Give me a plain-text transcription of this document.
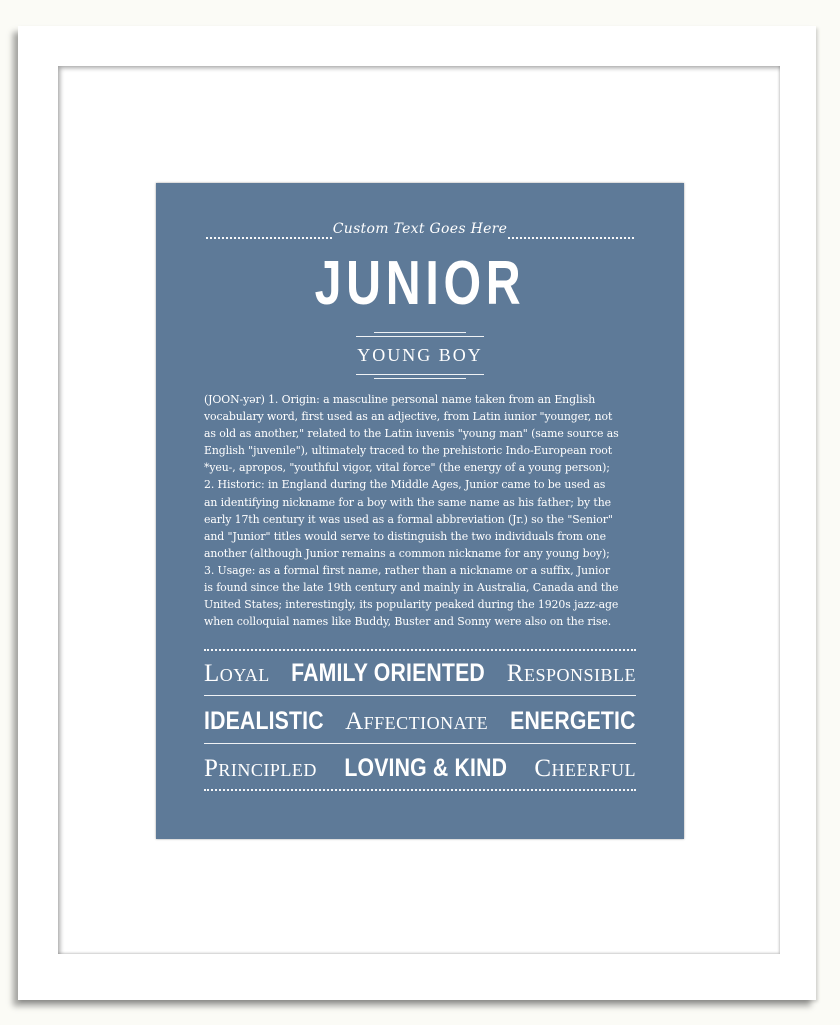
Custom Text Goes Here
JUNIOR
YOUNG BOY
(JOON-yər) 1. Origin: a masculine personal name taken from an English
vocabulary word, first used as an adjective, from Latin iunior "younger, not
as old as another," related to the Latin iuvenis "young man" (same source as
English "juvenile"), ultimately traced to the prehistoric Indo-European root
*yeu-, apropos, "youthful vigor, vital force" (the energy of a young person);
2. Historic: in England during the Middle Ages, Junior came to be used as
an identifying nickname for a boy with the same name as his father; by the
early 17th century it was used as a formal abbreviation (Jr.) so the "Senior"
and "Junior" titles would serve to distinguish the two individuals from one
another (although Junior remains a common nickname for any young boy);
3. Usage: as a formal first name, rather than a nickname or a suffix, Junior
is found since the late 19th century and mainly in Australia, Canada and the
United States; interestingly, its popularity peaked during the 1920s jazz-age
when colloquial names like Buddy, Buster and Sonny were also on the rise.
Loyal FAMILY ORIENTED Responsible
IDEALISTIC Affectionate ENERGETIC
Principled LOVING & KIND Cheerful
